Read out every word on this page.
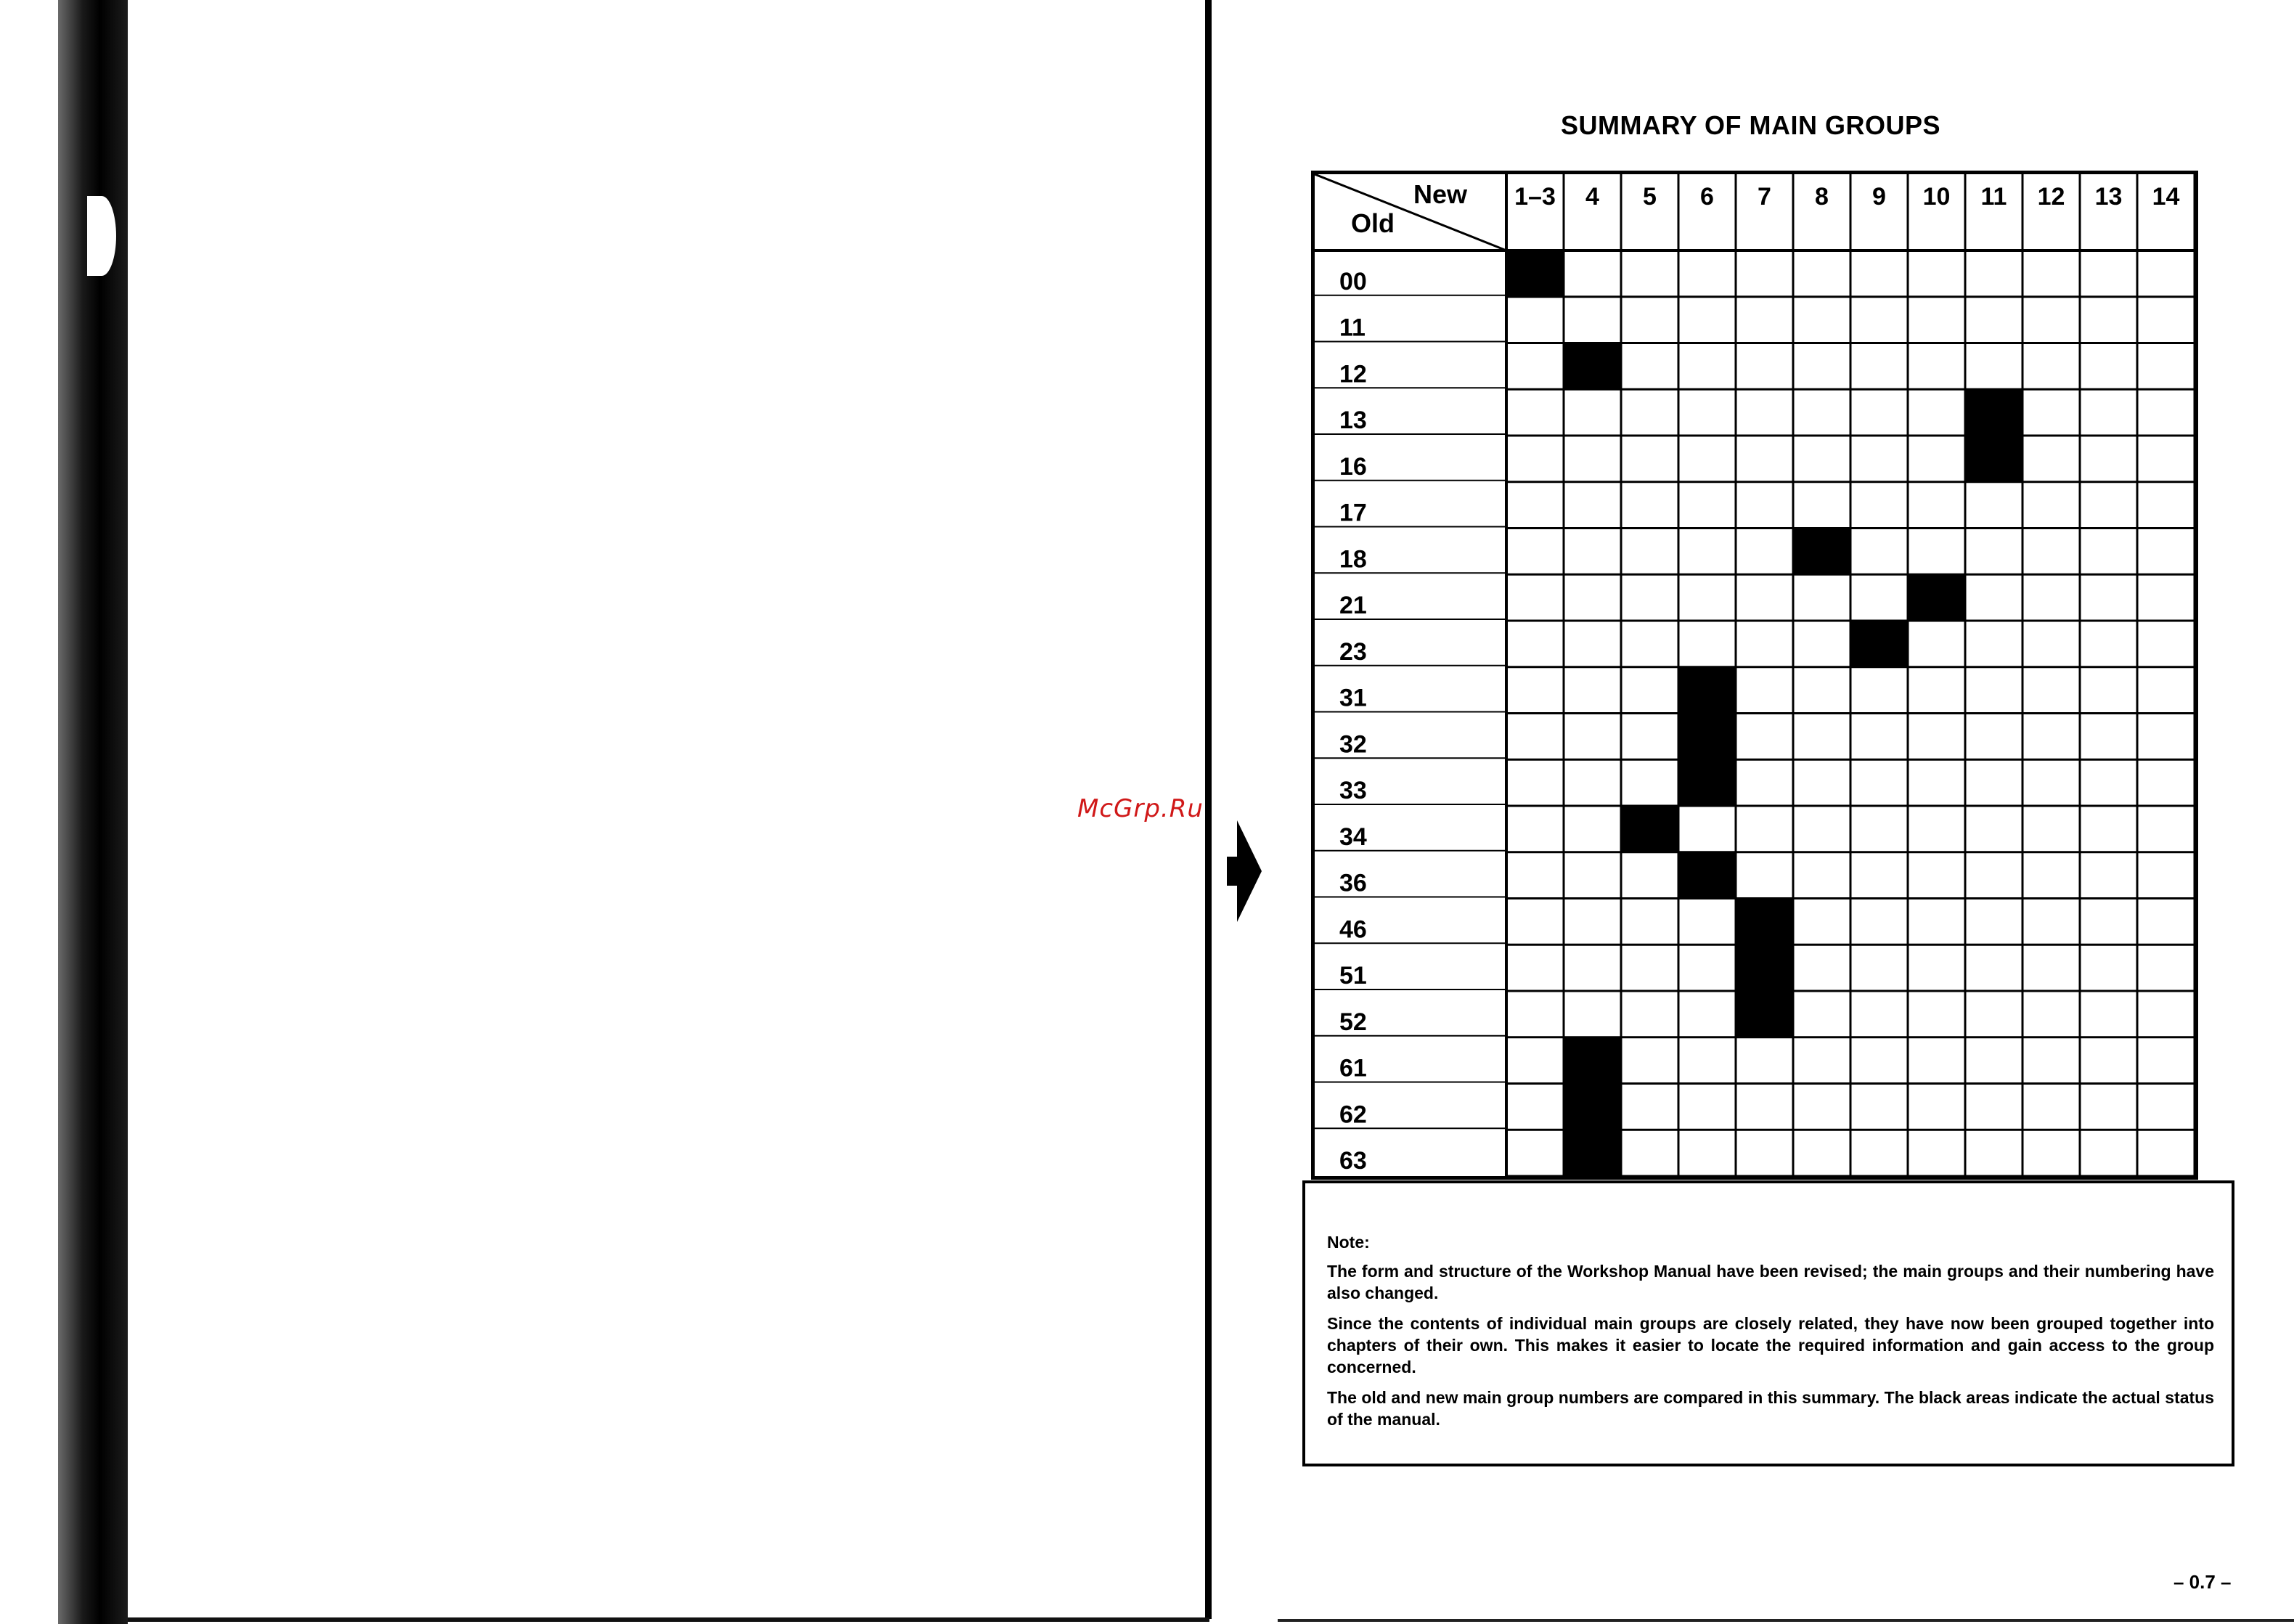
McGrp.Ru
SUMMARY OF MAIN GROUPS
New
Old
1–3 4 5 6 7 8 9 10 11 12 13 14
00
11
12
13
16
17
18
21
23
31
32
33
34
36
46
51
52
61
62
63

Note:

The form and structure of the Workshop Manual have been revised; the main groups and their numbering have also changed.

Since the contents of individual main groups are closely related, they have now been grouped together into chapters of their own. This makes it easier to locate the required information and gain access to the group concerned.

The old and new main group numbers are compared in this summary. The black areas indicate the actual status of the manual.

– 0.7 –
